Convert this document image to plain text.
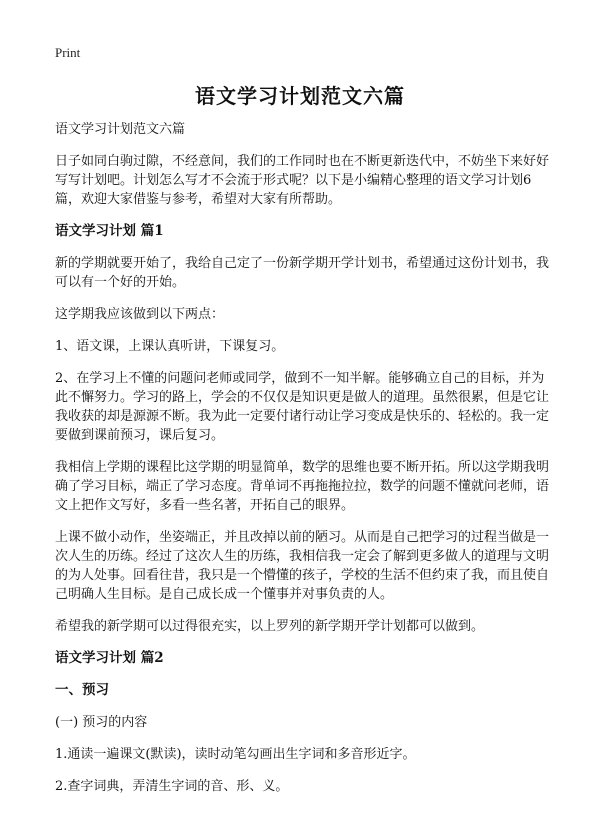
Print
语文学习计划范文六篇

语文学习计划范文六篇

日子如同白驹过隙，不经意间，我们的工作同时也在不断更新迭代中，不妨坐下来好好写写计划吧。计划怎么写才不会流于形式呢？以下是小编精心整理的语文学习计划6篇，欢迎大家借鉴与参考，希望对大家有所帮助。

语文学习计划 篇1

新的学期就要开始了，我给自己定了一份新学期开学计划书，希望通过这份计划书，我可以有一个好的开始。

这学期我应该做到以下两点：

1、语文课，上课认真听讲，下课复习。

2、在学习上不懂的问题问老师或同学，做到不一知半解。能够确立自己的目标，并为此不懈努力。学习的路上，学会的不仅仅是知识更是做人的道理。虽然很累，但是它让我收获的却是源源不断。我为此一定要付诸行动让学习变成是快乐的、轻松的。我一定要做到课前预习，课后复习。

我相信上学期的课程比这学期的明显简单，数学的思维也要不断开拓。所以这学期我明确了学习目标，端正了学习态度。背单词不再拖拖拉拉，数学的问题不懂就问老师，语文上把作文写好，多看一些名著，开拓自己的眼界。

上课不做小动作，坐姿端正，并且改掉以前的陋习。从而是自己把学习的过程当做是一次人生的历练。经过了这次人生的历练，我相信我一定会了解到更多做人的道理与文明的为人处事。回看往昔，我只是一个懵懂的孩子，学校的生活不但约束了我，而且使自己明确人生目标。是自己成长成一个懂事并对事负责的人。

希望我的新学期可以过得很充实，以上罗列的新学期开学计划都可以做到。

语文学习计划 篇2
一、预习

(一) 预习的内容

1.通读一遍课文(默读)，读时动笔勾画出生字词和多音形近字。

2.查字词典，弄清生字词的音、形、义。
